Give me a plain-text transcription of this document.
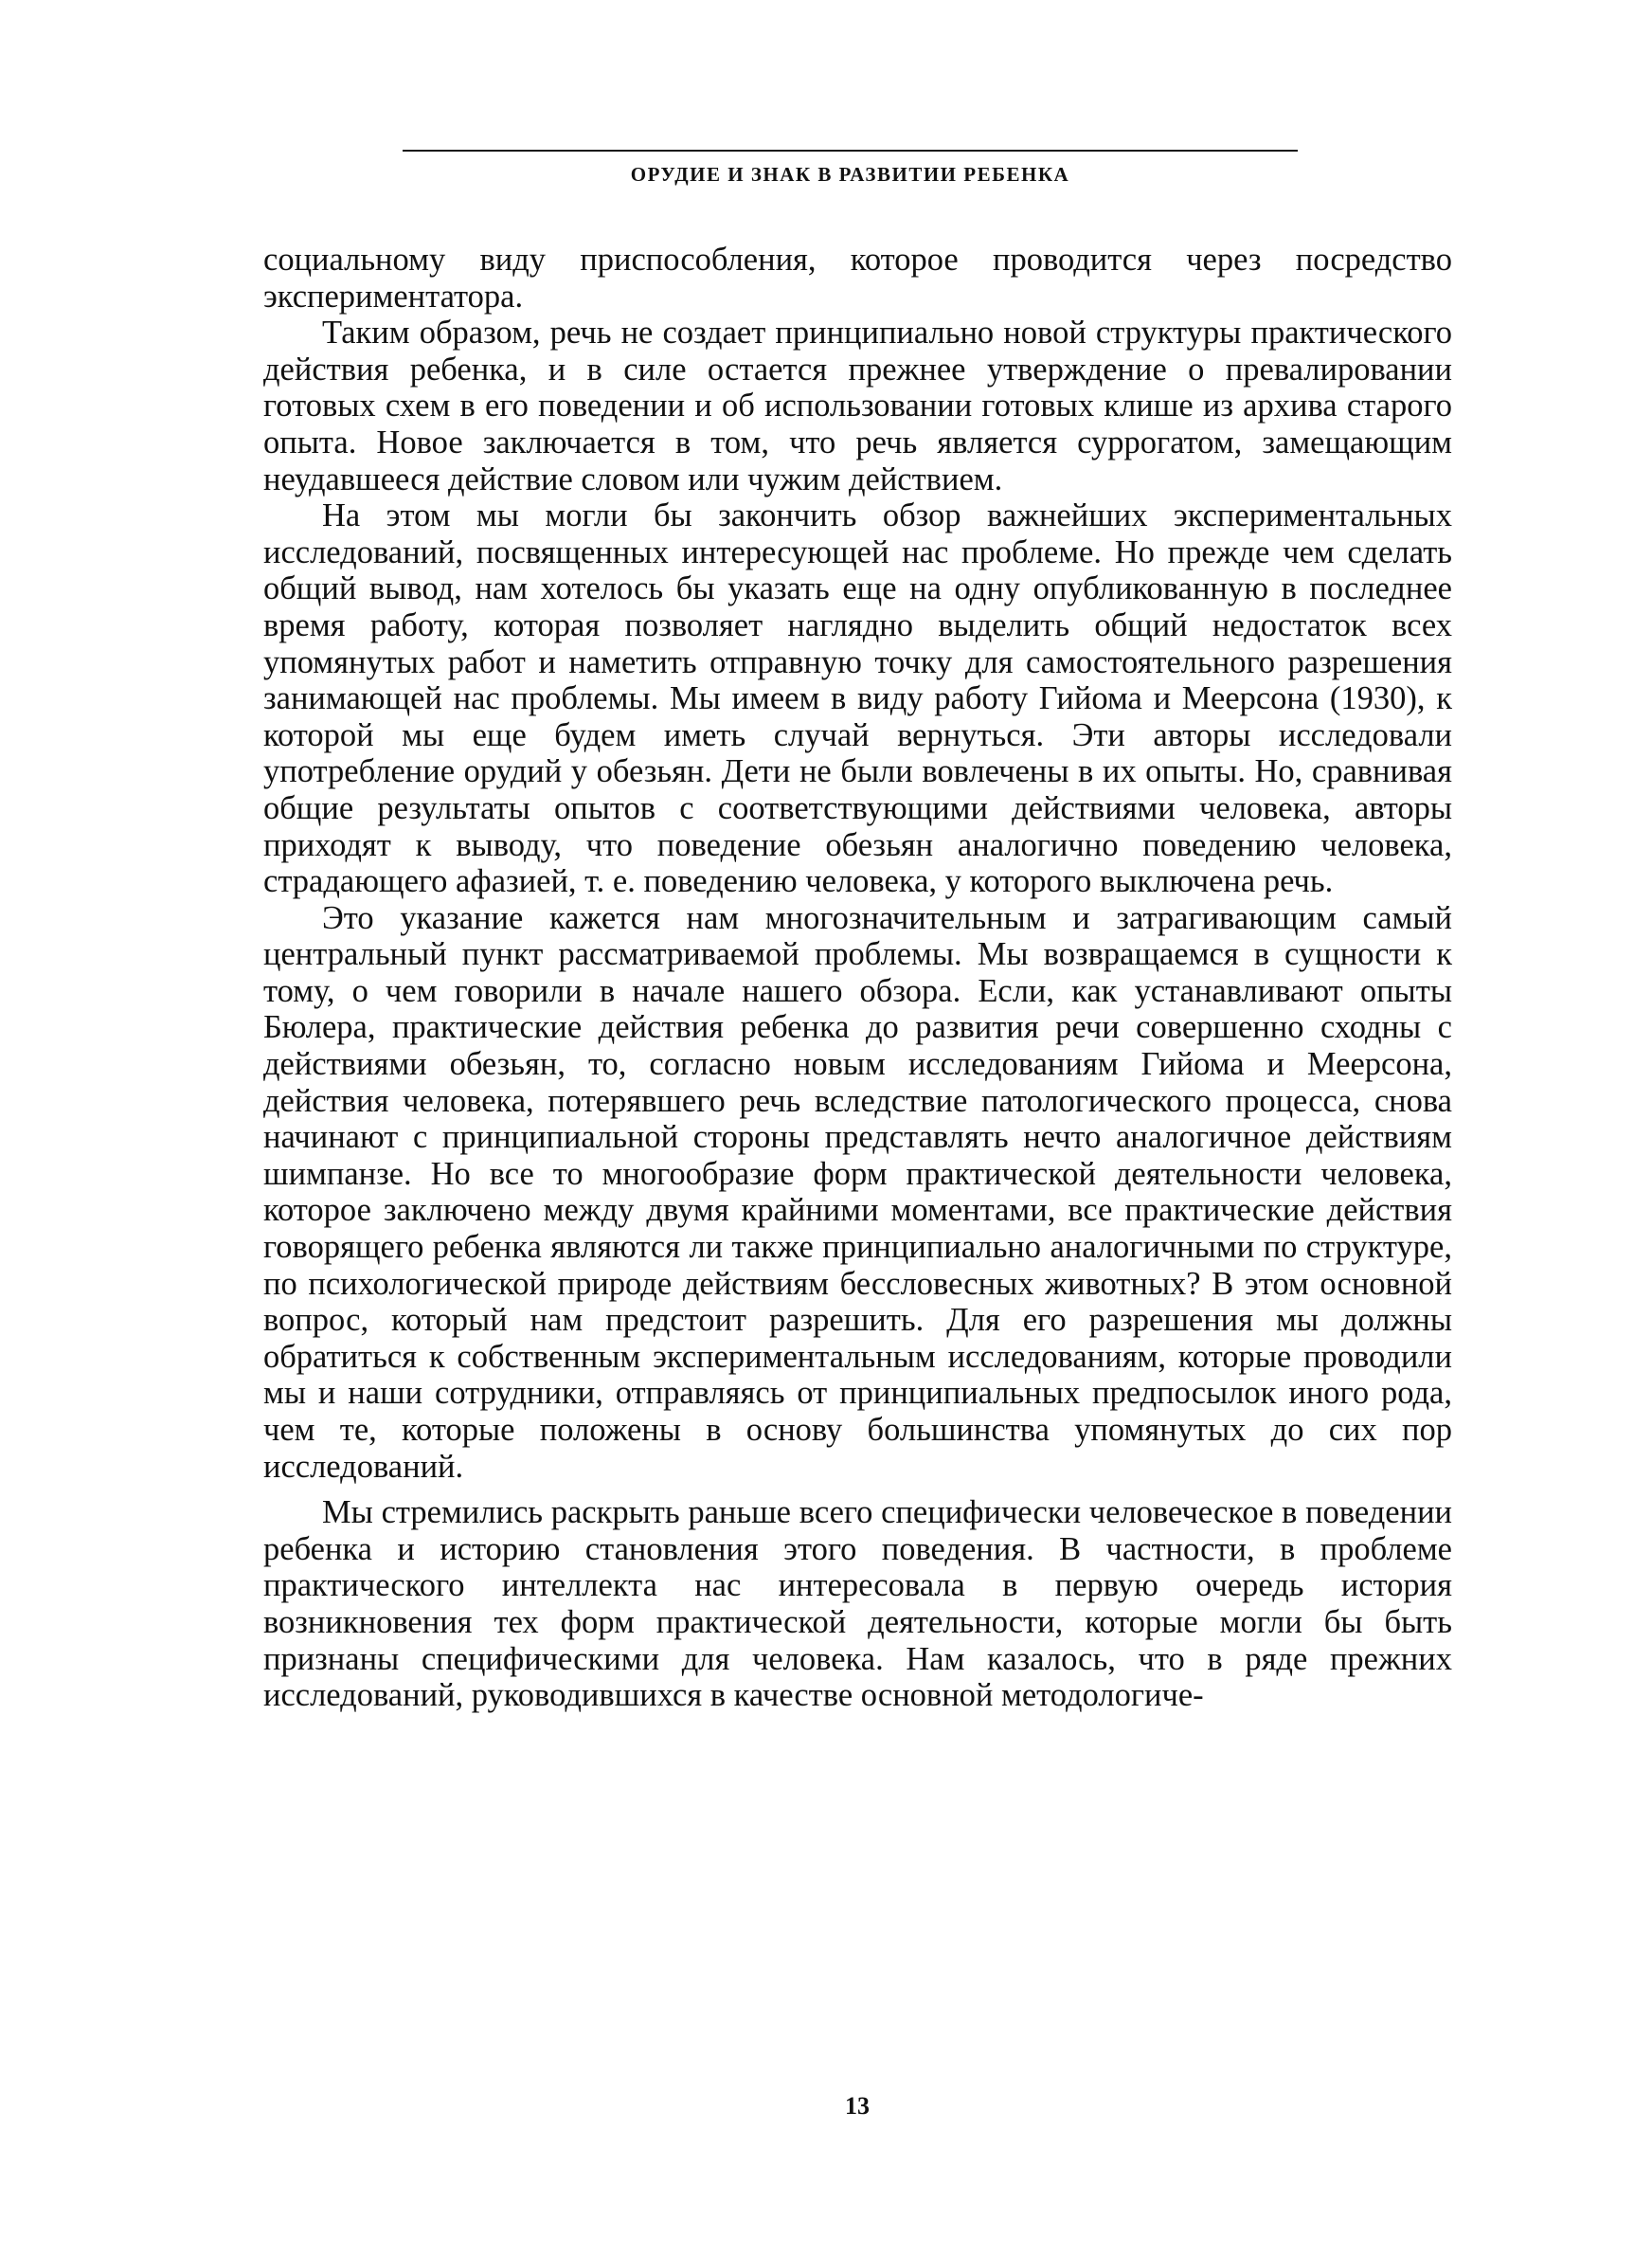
ОРУДИЕ И ЗНАК В РАЗВИТИИ РЕБЕНКА

социальному виду приспособления, которое проводится через посредство экспериментатора.

Таким образом, речь не создает принципиально новой структуры практического действия ребенка, и в силе остается прежнее утверждение о превалировании готовых схем в его поведении и об использовании готовых клише из архива старого опыта. Новое заключается в том, что речь является суррогатом, замещающим неудавшееся действие словом или чужим действием.

На этом мы могли бы закончить обзор важнейших экспериментальных исследований, посвященных интересующей нас проблеме. Но прежде чем сделать общий вывод, нам хотелось бы указать еще на одну опубликованную в последнее время работу, которая позволяет наглядно выделить общий недостаток всех упомянутых работ и наметить отправную точку для самостоятельного разрешения занимающей нас проблемы. Мы имеем в виду работу Гийома и Меерсона (1930), к которой мы еще будем иметь случай вернуться. Эти авторы исследовали употребление орудий у обезьян. Дети не были вовлечены в их опыты. Но, сравнивая общие результаты опытов с соответствующими действиями человека, авторы приходят к выводу, что поведение обезьян аналогично поведению человека, страдающего афазией, т. е. поведению человека, у которого выключена речь.

Это указание кажется нам многозначительным и затрагивающим самый центральный пункт рассматриваемой проблемы. Мы возвращаемся в сущности к тому, о чем говорили в начале нашего обзора. Если, как устанавливают опыты Бюлера, практические действия ребенка до развития речи совершенно сходны с действиями обезьян, то, согласно новым исследованиям Гийома и Меерсона, действия человека, потерявшего речь вследствие патологического процесса, снова начинают с принципиальной стороны представлять нечто аналогичное действиям шимпанзе. Но все то многообразие форм практической деятельности человека, которое заключено между двумя крайними моментами, все практические действия говорящего ребенка являются ли также принципиально аналогичными по структуре, по психологической природе действиям бессловесных животных? В этом основной вопрос, который нам предстоит разрешить. Для его разрешения мы должны обратиться к собственным экспериментальным исследованиям, которые проводили мы и наши сотрудники, отправляясь от принципиальных предпосылок иного рода, чем те, которые положены в основу большинства упомянутых до сих пор исследований.

Мы стремились раскрыть раньше всего специфически человеческое в поведении ребенка и историю становления этого поведения. В частности, в проблеме практического интеллекта нас интересовала в первую очередь история возникновения тех форм практической деятельности, которые могли бы быть признаны специфическими для человека. Нам казалось, что в ряде прежних исследований, руководившихся в качестве основной методологиче-

13
